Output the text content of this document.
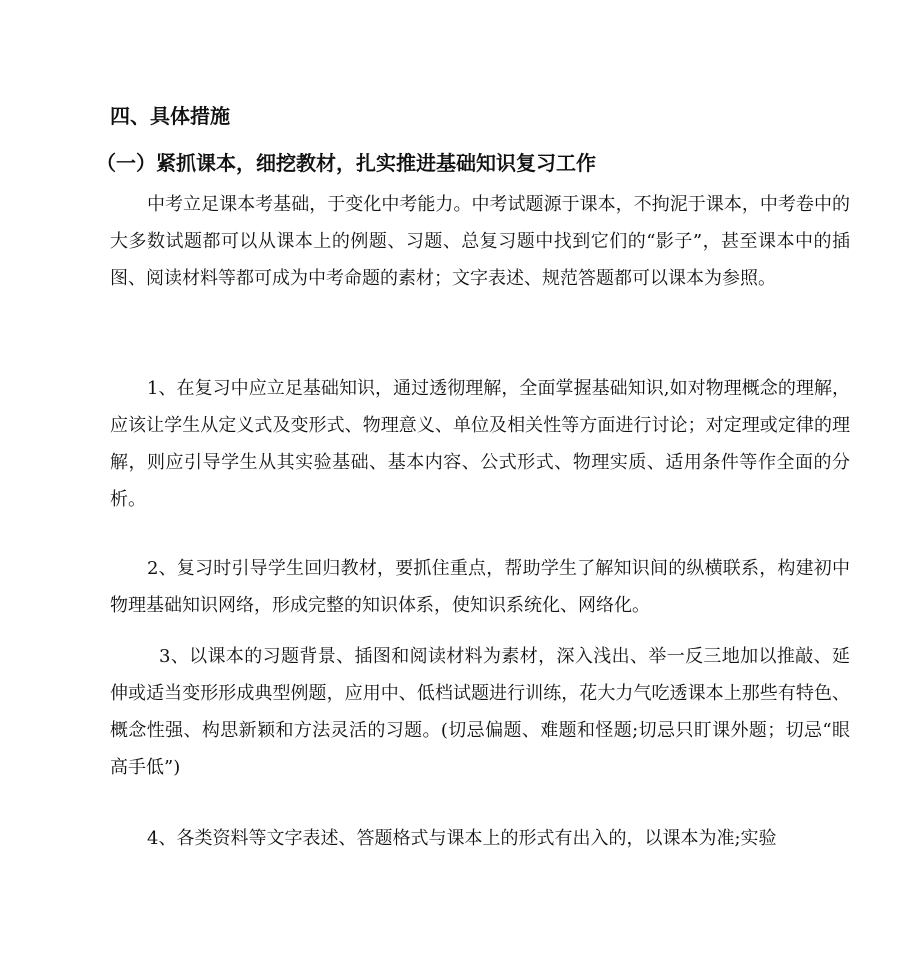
四、具体措施
（一）紧抓课本，细挖教材，扎实推进基础知识复习工作
中考立足课本考基础，于变化中考能力。中考试题源于课本，不拘泥于课本，中考卷中的大多数试题都可以从课本上的例题、习题、总复习题中找到它们的“影子”，甚至课本中的插图、阅读材料等都可成为中考命题的素材；文字表述、规范答题都可以课本为参照。
1、在复习中应立足基础知识，通过透彻理解，全面掌握基础知识,如对物理概念的理解，应该让学生从定义式及变形式、物理意义、单位及相关性等方面进行讨论；对定理或定律的理解，则应引导学生从其实验基础、基本内容、公式形式、物理实质、适用条件等作全面的分析。
2、复习时引导学生回归教材，要抓住重点，帮助学生了解知识间的纵横联系，构建初中物理基础知识网络，形成完整的知识体系，使知识系统化、网络化。
3、以课本的习题背景、插图和阅读材料为素材，深入浅出、举一反三地加以推敲、延伸或适当变形形成典型例题，应用中、低档试题进行训练，花大力气吃透课本上那些有特色、概念性强、构思新颖和方法灵活的习题。(切忌偏题、难题和怪题;切忌只盯课外题；切忌“眼高手低”)
4、各类资料等文字表述、答题格式与课本上的形式有出入的，以课本为准;实验
